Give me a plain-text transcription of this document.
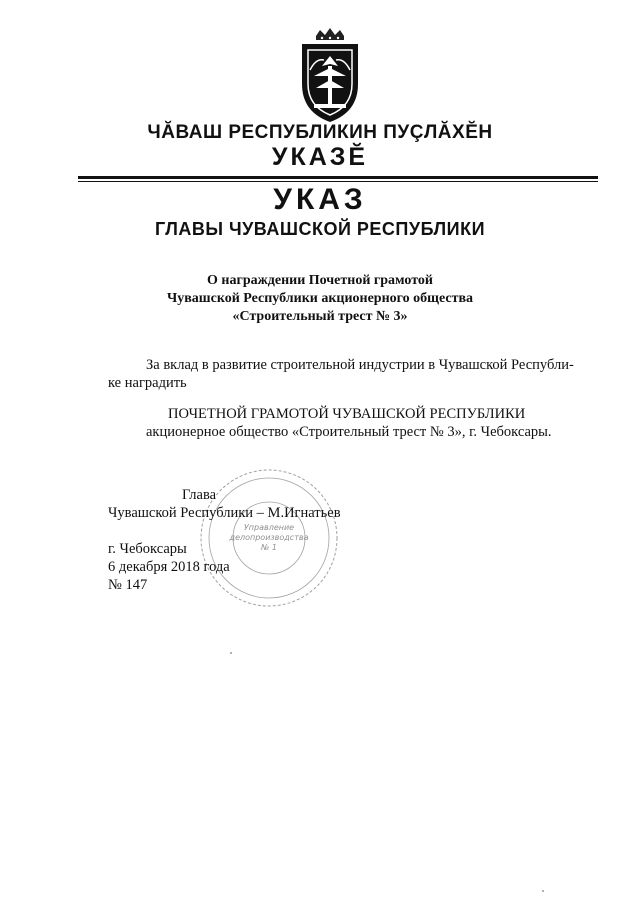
ЧĂВАШ РЕСПУБЛИКИН ПУÇЛĂХĔН
УКАЗĔ
УКАЗ
ГЛАВЫ ЧУВАШСКОЙ РЕСПУБЛИКИ
О награждении Почетной грамотой
Чувашской Республики акционерного общества
«Строительный трест № 3»
За вклад в развитие строительной индустрии в Чувашской Республи-
ке наградить
ПОЧЕТНОЙ ГРАМОТОЙ ЧУВАШСКОЙ РЕСПУБЛИКИ
акционерное общество «Строительный трест № 3», г. Чебоксары.
Управление
делопроизводства
№ 1
Глава
Чувашской Республики – М.Игнатьев
г. Чебоксары
6 декабря 2018 года
№ 147
